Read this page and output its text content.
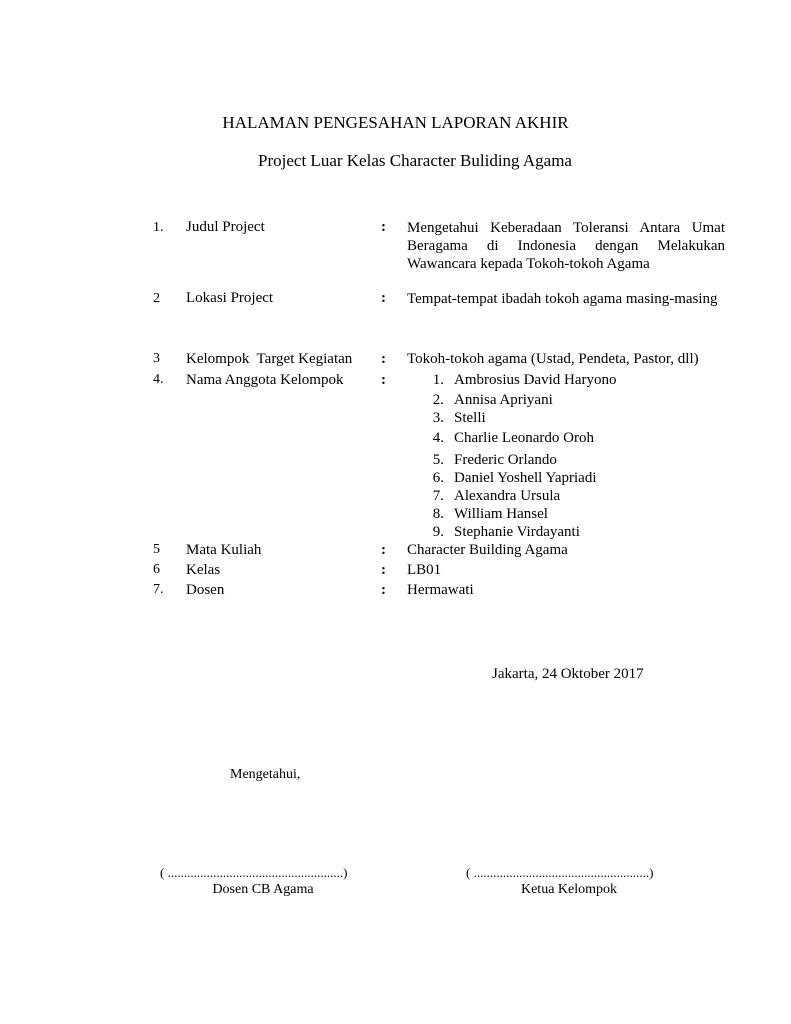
HALAMAN PENGESAHAN LAPORAN AKHIR
Project Luar Kelas Character Buliding Agama
1. Judul Project	: Mengetahui Keberadaan Toleransi Antara Umat Beragama di Indonesia dengan Melakukan Wawancara kepada Tokoh-tokoh Agama
2 Lokasi Project	: Tempat-tempat ibadah tokoh agama masing-masing
3 Kelompok  Target Kegiatan : Tokoh-tokoh agama (Ustad, Pendeta, Pastor, dll)
4. Nama Anggota Kelompok	:	1. Ambrosius David Haryono
2. Annisa Apriyani
3. Stelli
4. Charlie Leonardo Oroh
5. Frederic Orlando
6. Daniel Yoshell Yapriadi
7. Alexandra Ursula
8. William Hansel
9. Stephanie Virdayanti
5 Mata Kuliah	: Character Building Agama
6 Kelas	: LB01
7. Dosen	: Hermawati
Jakarta, 24 Oktober 2017
Mengetahui,
( ......................................................)
Dosen CB Agama
( ......................................................)
Ketua Kelompok
